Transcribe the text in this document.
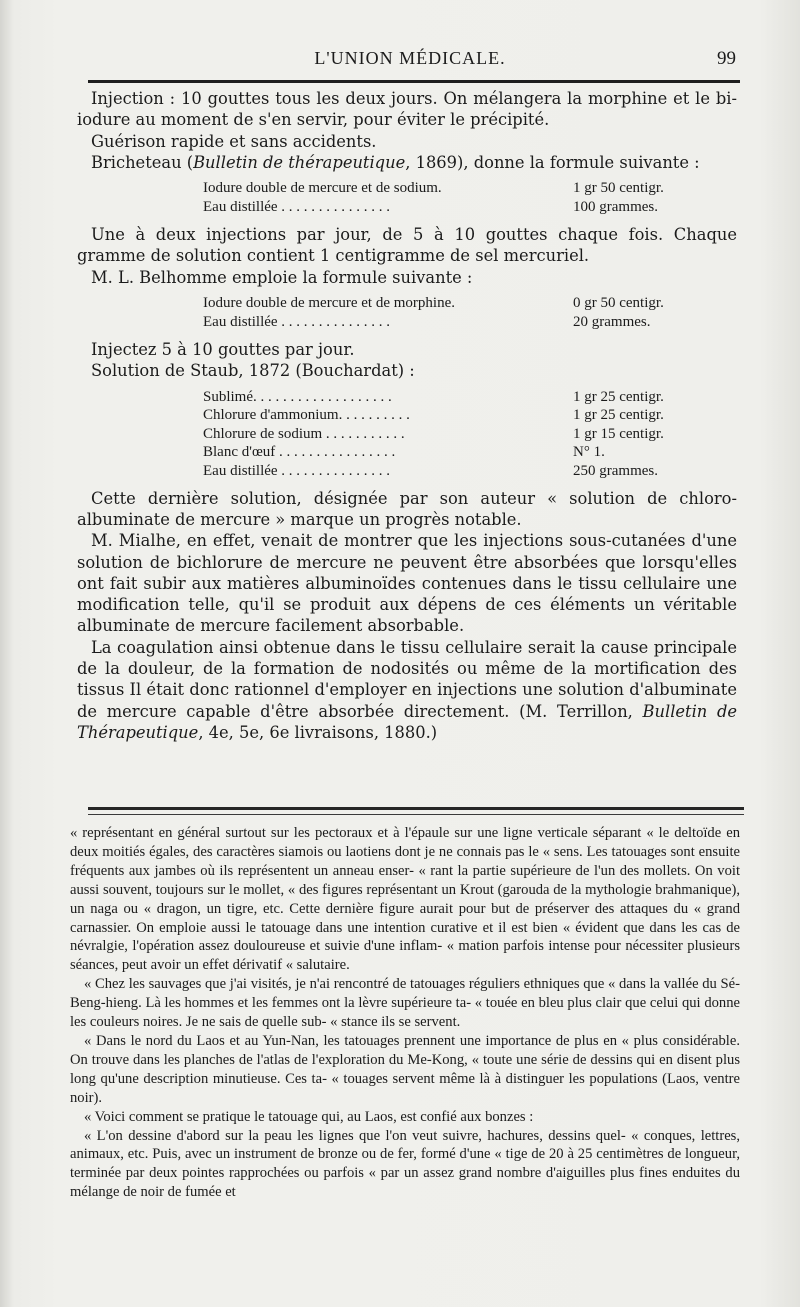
L'UNION MÉDICALE.	99

Injection : 10 gouttes tous les deux jours. On mélangera la morphine et le bi-iodure au moment de s'en servir, pour éviter le précipité.

Guérison rapide et sans accidents.

Bricheteau (Bulletin de thérapeutique, 1869), donne la formule suivante :

Iodure double de mercure et de sodium.	1 gr 50 centigr.
Eau distillée . . . . . . . . . . . . . . .	100 grammes.

Une à deux injections par jour, de 5 à 10 gouttes chaque fois. Chaque gramme de solution contient 1 centigramme de sel mercuriel.

M. L. Belhomme emploie la formule suivante :

Iodure double de mercure et de morphine.	0 gr 50 centigr.
Eau distillée . . . . . . . . . . . . . . .	20 grammes.

Injectez 5 à 10 gouttes par jour.

Solution de Staub, 1872 (Bouchardat) :

Sublimé. . . . . . . . . . . . . . . . . . .	1 gr 25 centigr.
Chlorure d'ammonium. . . . . . . . . .	1 gr 25 centigr.
Chlorure de sodium . . . . . . . . . . .	1 gr 15 centigr.
Blanc d'œuf . . . . . . . . . . . . . . . .	N° 1.
Eau distillée . . . . . . . . . . . . . . .	250 grammes.

Cette dernière solution, désignée par son auteur « solution de chloro-albuminate de mercure » marque un progrès notable.

M. Mialhe, en effet, venait de montrer que les injections sous-cutanées d'une solution de bichlorure de mercure ne peuvent être absorbées que lorsqu'elles ont fait subir aux matières albuminoïdes contenues dans le tissu cellulaire une modification telle, qu'il se produit aux dépens de ces éléments un véritable albuminate de mercure facilement absorbable.

La coagulation ainsi obtenue dans le tissu cellulaire serait la cause principale de la douleur, de la formation de nodosités ou même de la mortification des tissus Il était donc rationnel d'employer en injections une solution d'albuminate de mercure capable d'être absorbée directement. (M. Terrillon, Bulletin de Thérapeutique, 4e, 5e, 6e livraisons, 1880.)

« représentant en général surtout sur les pectoraux et à l'épaule sur une ligne verticale séparant « le deltoïde en deux moitiés égales, des caractères siamois ou laotiens dont je ne connais pas le « sens. Les tatouages sont ensuite fréquents aux jambes où ils représentent un anneau enser- « rant la partie supérieure de l'un des mollets. On voit aussi souvent, toujours sur le mollet, « des figures représentant un Krout (garouda de la mythologie brahmanique), un naga ou « dragon, un tigre, etc. Cette dernière figure aurait pour but de préserver des attaques du « grand carnassier. On emploie aussi le tatouage dans une intention curative et il est bien « évident que dans les cas de névralgie, l'opération assez douloureuse et suivie d'une inflam- « mation parfois intense pour nécessiter plusieurs séances, peut avoir un effet dérivatif « salutaire.

« Chez les sauvages que j'ai visités, je n'ai rencontré de tatouages réguliers ethniques que « dans la vallée du Sé-Beng-hieng. Là les hommes et les femmes ont la lèvre supérieure ta- « touée en bleu plus clair que celui qui donne les couleurs noires. Je ne sais de quelle sub- « stance ils se servent.

« Dans le nord du Laos et au Yun-Nan, les tatouages prennent une importance de plus en « plus considérable. On trouve dans les planches de l'atlas de l'exploration du Me-Kong, « toute une série de dessins qui en disent plus long qu'une description minutieuse. Ces ta- « touages servent même là à distinguer les populations (Laos, ventre noir).

« Voici comment se pratique le tatouage qui, au Laos, est confié aux bonzes :

« L'on dessine d'abord sur la peau les lignes que l'on veut suivre, hachures, dessins quel- « conques, lettres, animaux, etc. Puis, avec un instrument de bronze ou de fer, formé d'une « tige de 20 à 25 centimètres de longueur, terminée par deux pointes rapprochées ou parfois « par un assez grand nombre d'aiguilles plus fines enduites du mélange de noir de fumée et
